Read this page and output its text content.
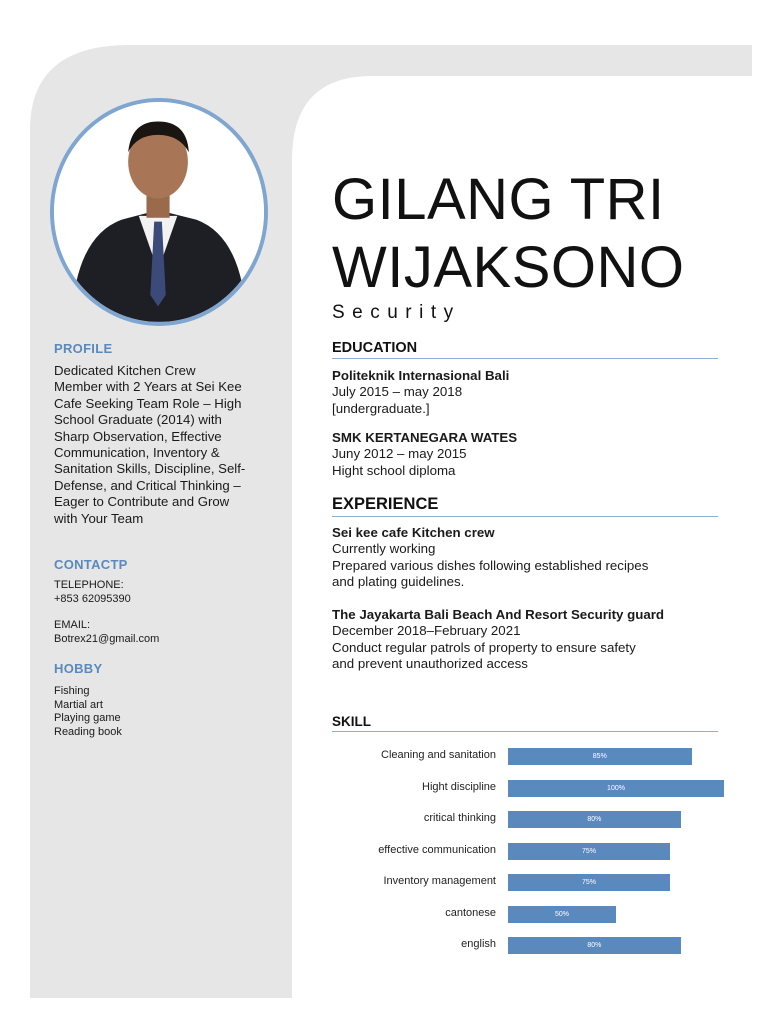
PROFILE
Dedicated Kitchen Crew
Member with 2 Years at Sei Kee
Cafe Seeking Team Role – High
School Graduate (2014) with
Sharp Observation, Effective
Communication, Inventory &
Sanitation Skills, Discipline, Self-
Defense, and Critical Thinking –
Eager to Contribute and Grow
with Your Team
CONTACTP
TELEPHONE:
+853 62095390
EMAIL:
Botrex21@gmail.com
HOBBY
Fishing
Martial art
Playing game
Reading book
GILANG TRI
WIJAKSONO
Security
EDUCATION
Politeknik Internasional Bali
July 2015 – may 2018
[undergraduate.]
SMK KERTANEGARA WATES
Juny 2012 – may 2015
Hight school diploma
EXPERIENCE
Sei kee cafe Kitchen crew
Currently working
Prepared various dishes following established recipes
and plating guidelines.
The Jayakarta Bali Beach And Resort Security guard
December 2018–February 2021
Conduct regular patrols of property to ensure safety
and prevent unauthorized access
SKILL
Cleaning and sanitation	85%
Hight discipline	100%
critical thinking	80%
effective communication	75%
Inventory management	75%
cantonese	50%
english	80%
